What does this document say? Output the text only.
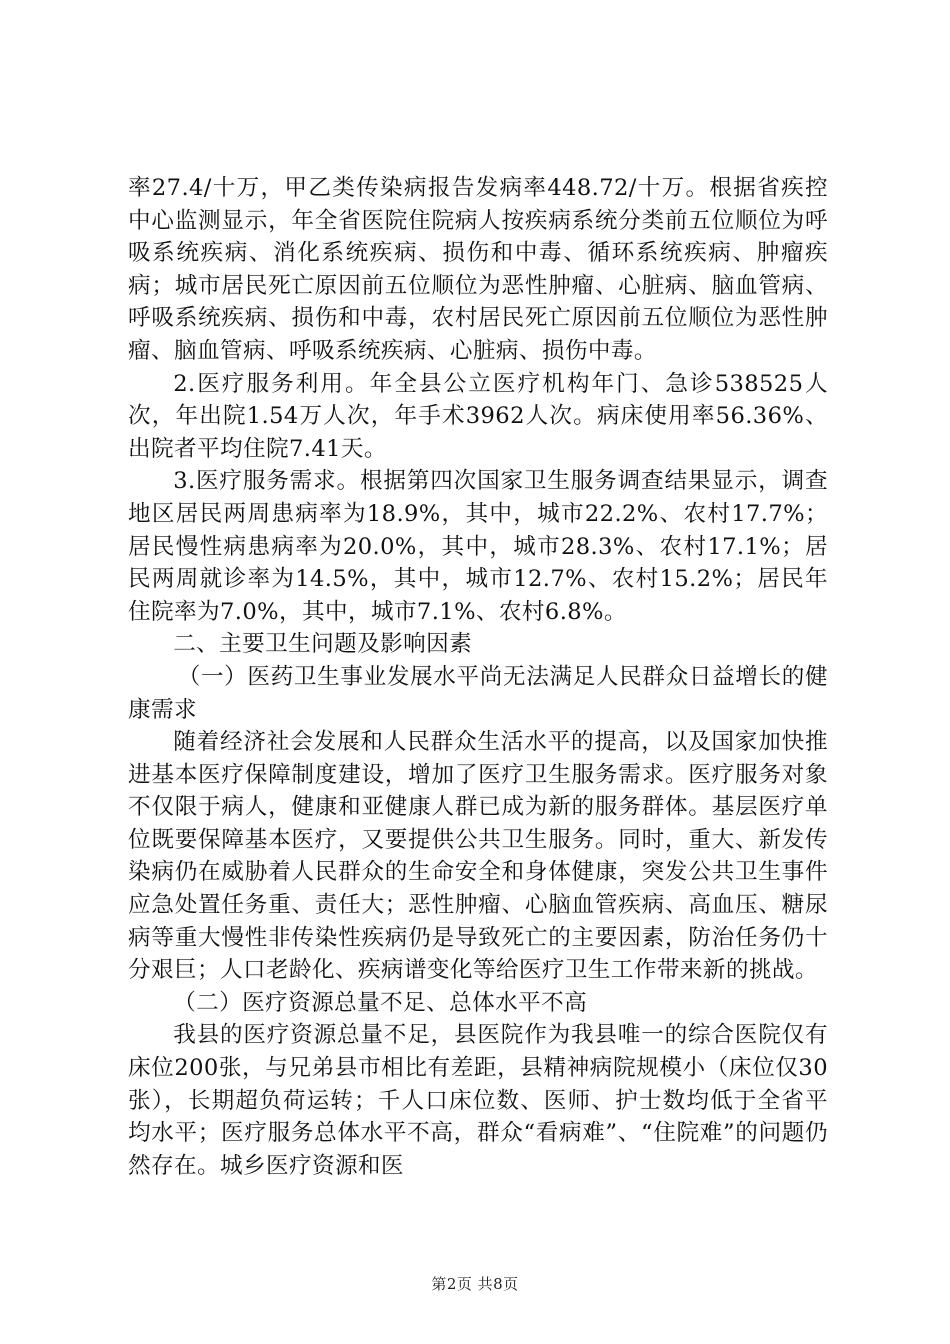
率27.4/十万，甲乙类传染病报告发病率448.72/十万。根据省疾控中心监测显示，年全省医院住院病人按疾病系统分类前五位顺位为呼吸系统疾病、消化系统疾病、损伤和中毒、循环系统疾病、肿瘤疾病；城市居民死亡原因前五位顺位为恶性肿瘤、心脏病、脑血管病、呼吸系统疾病、损伤和中毒，农村居民死亡原因前五位顺位为恶性肿瘤、脑血管病、呼吸系统疾病、心脏病、损伤中毒。

2.医疗服务利用。年全县公立医疗机构年门、急诊538525人次，年出院1.54万人次，年手术3962人次。病床使用率56.36%、出院者平均住院7.41天。

3.医疗服务需求。根据第四次国家卫生服务调查结果显示，调查地区居民两周患病率为18.9%，其中，城市22.2%、农村17.7%；居民慢性病患病率为20.0%，其中，城市28.3%、农村17.1%；居民两周就诊率为14.5%，其中，城市12.7%、农村15.2%；居民年住院率为7.0%，其中，城市7.1%、农村6.8%。

二、主要卫生问题及影响因素

（一）医药卫生事业发展水平尚无法满足人民群众日益增长的健康需求

随着经济社会发展和人民群众生活水平的提高，以及国家加快推进基本医疗保障制度建设，增加了医疗卫生服务需求。医疗服务对象不仅限于病人，健康和亚健康人群已成为新的服务群体。基层医疗单位既要保障基本医疗，又要提供公共卫生服务。同时，重大、新发传染病仍在威胁着人民群众的生命安全和身体健康，突发公共卫生事件应急处置任务重、责任大；恶性肿瘤、心脑血管疾病、高血压、糖尿病等重大慢性非传染性疾病仍是导致死亡的主要因素，防治任务仍十分艰巨；人口老龄化、疾病谱变化等给医疗卫生工作带来新的挑战。

（二）医疗资源总量不足、总体水平不高

我县的医疗资源总量不足，县医院作为我县唯一的综合医院仅有床位200张，与兄弟县市相比有差距，县精神病院规模小（床位仅30张），长期超负荷运转；千人口床位数、医师、护士数均低于全省平均水平；医疗服务总体水平不高，群众“看病难”、“住院难”的问题仍然存在。城乡医疗资源和医

第2页 共8页
